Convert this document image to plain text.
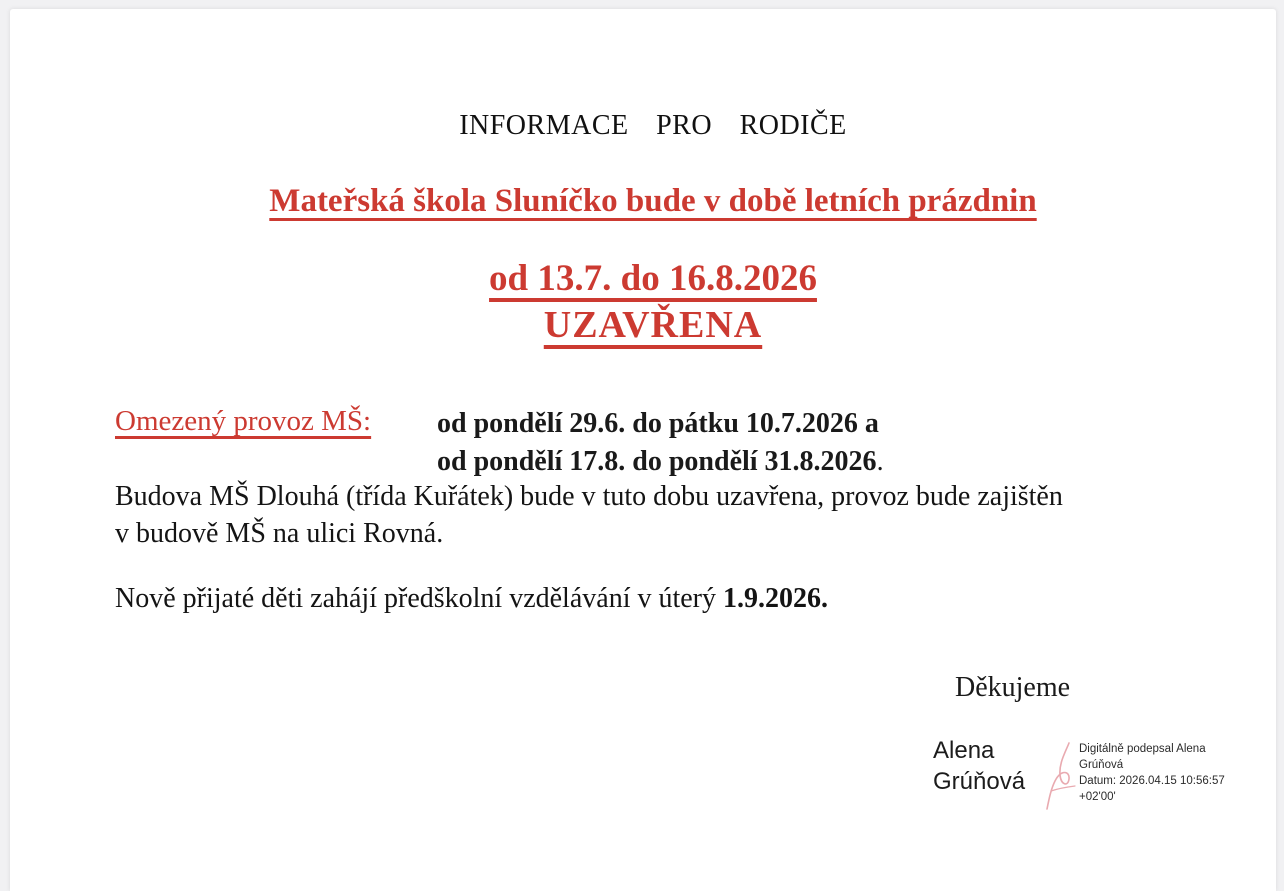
INFORMACE PRO RODIČE
Mateřská škola Sluníčko bude v době letních prázdnin
od 13.7. do 16.8.2026
UZAVŘENA
Omezený provoz MŠ:	od pondělí 29.6. do pátku 10.7.2026 a
od pondělí 17.8. do pondělí 31.8.2026.
Budova MŠ Dlouhá (třída Kuřátek) bude v tuto dobu uzavřena, provoz bude zajištěn
v budově MŠ na ulici Rovná.
Nově přijaté děti zahájí předškolní vzdělávání v úterý 1.9.2026.
Děkujeme
Alena
Grúňová
Digitálně podepsal Alena
Grúňová
Datum: 2026.04.15 10:56:57
+02'00'
